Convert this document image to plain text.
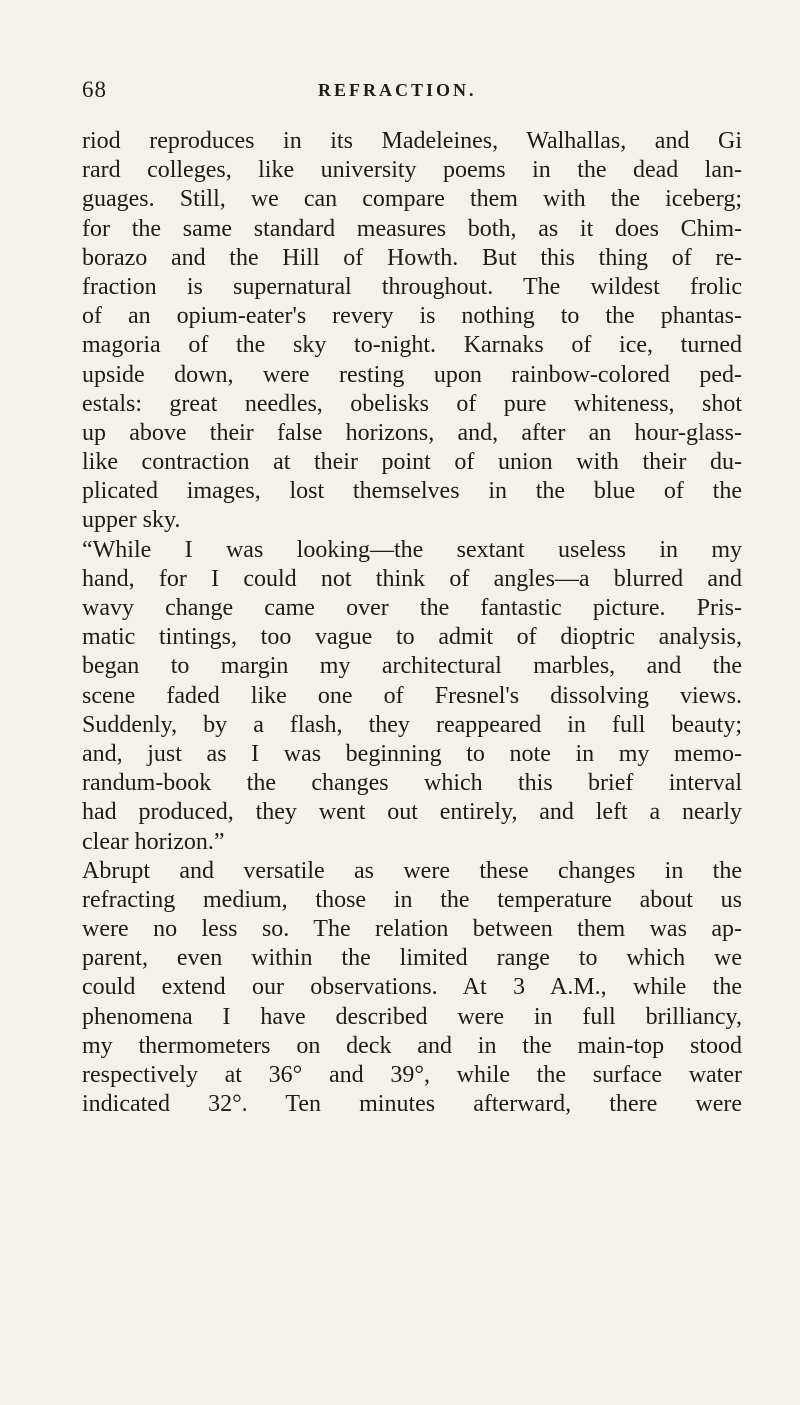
68	REFRACTION.
riod reproduces in its Madeleines, Walhallas, and Gi
rard colleges, like university poems in the dead lan-
guages. Still, we can compare them with the iceberg;
for the same standard measures both, as it does Chim-
borazo and the Hill of Howth. But this thing of re-
fraction is supernatural throughout. The wildest frolic
of an opium-eater's revery is nothing to the phantas-
magoria of the sky to-night. Karnaks of ice, turned
upside down, were resting upon rainbow-colored ped-
estals: great needles, obelisks of pure whiteness, shot
up above their false horizons, and, after an hour-glass-
like contraction at their point of union with their du-
plicated images, lost themselves in the blue of the
upper sky.
“While I was looking—the sextant useless in my
hand, for I could not think of angles—a blurred and
wavy change came over the fantastic picture. Pris-
matic tintings, too vague to admit of dioptric analysis,
began to margin my architectural marbles, and the
scene faded like one of Fresnel's dissolving views.
Suddenly, by a flash, they reappeared in full beauty;
and, just as I was beginning to note in my memo-
randum-book the changes which this brief interval
had produced, they went out entirely, and left a nearly
clear horizon.”
Abrupt and versatile as were these changes in the
refracting medium, those in the temperature about us
were no less so. The relation between them was ap-
parent, even within the limited range to which we
could extend our observations. At 3 A.M., while the
phenomena I have described were in full brilliancy,
my thermometers on deck and in the main-top stood
respectively at 36° and 39°, while the surface water
indicated 32°. Ten minutes afterward, there were
